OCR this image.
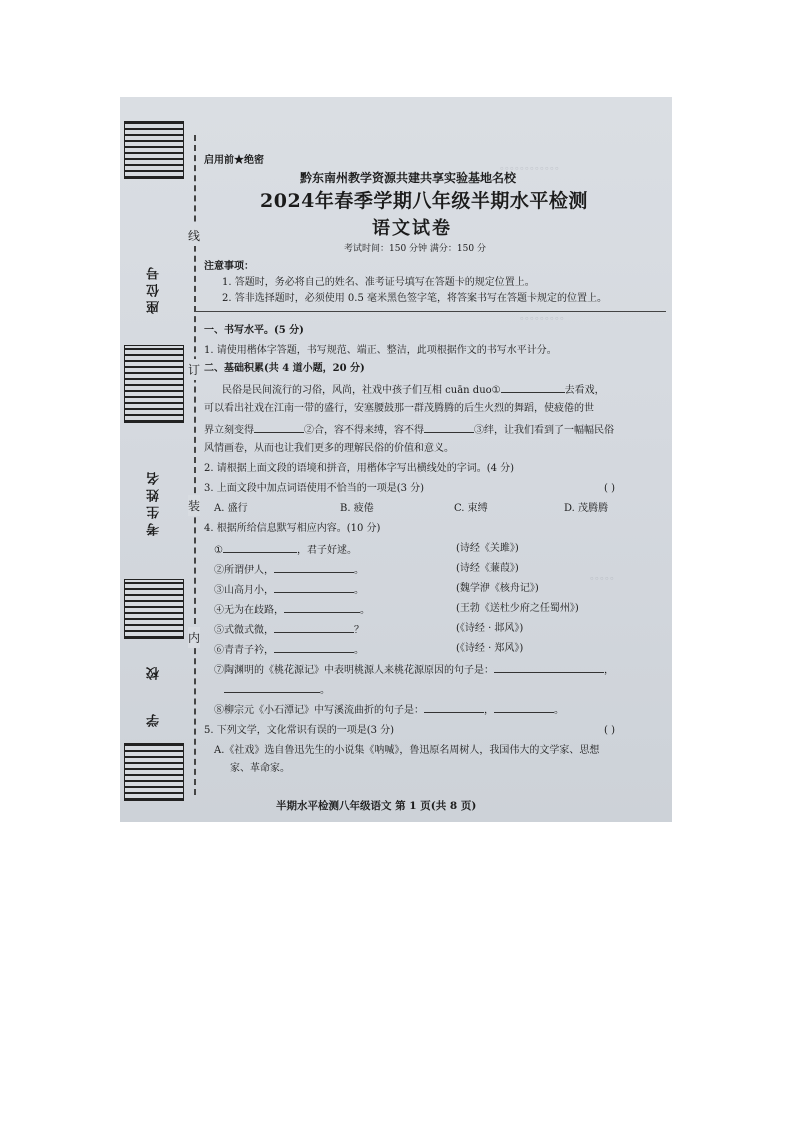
座位号
考生姓名
校
学
线
订
装
内
。。。。。。。。。。。。
。。。。。。。。。
。。。。。
启用前★绝密
黔东南州教学资源共建共享实验基地名校
2024年春季学期八年级半期水平检测
语文试卷
考试时间：150 分钟 满分：150 分
注意事项：
1. 答题时，务必将自己的姓名、准考证号填写在答题卡的规定位置上。
2. 答非选择题时，必须使用 0.5 毫米黑色签字笔，将答案书写在答题卡规定的位置上。
一、书写水平。(5 分)
1. 请使用楷体字答题，书写规范、端正、整洁，此项根据作文的书写水平计分。
二、基础积累(共 4 道小题，20 分)
民俗是民间流行的习俗，风尚，社戏中孩子们互相 cuān duo①	去看戏，
可以看出社戏在江南一带的盛行，安塞腰鼓那一群茂腾腾的后生火烈的舞蹈，使疲倦的世
界立刻变得	②合，容不得来缚，容不得	③绊，让我们看到了一幅幅民俗
风情画卷，从而也让我们更多的理解民俗的价值和意义。
2. 请根据上面文段的语境和拼音，用楷体字写出横线处的字词。(4 分)
3. 上面文段中加点词语使用不恰当的一项是(3 分)	( )
A. 盛行	B. 疲倦	C. 束缚	D. 茂腾腾
4. 根据所给信息默写相应内容。(10 分)
①	，君子好逑。	(诗经《关雎》)
②所谓伊人，	。	(诗经《蒹葭》)
③山高月小，	。	(魏学洢《核舟记》)
④无为在歧路，	。	(王勃《送杜少府之任蜀州》)
⑤式微式微，	？	(《诗经 · 邶风》)
⑥青青子衿，	。	(《诗经 · 郑风》)
⑦陶渊明的《桃花源记》中表明桃源人来桃花源原因的句子是：	，
。
⑧柳宗元《小石潭记》中写溪流曲折的句子是：	，	。
5. 下列文学，文化常识有误的一项是(3 分)	( )
A.《社戏》选自鲁迅先生的小说集《呐喊》，鲁迅原名周树人，我国伟大的文学家、思想
家、革命家。
半期水平检测八年级语文 第 1 页(共 8 页)
